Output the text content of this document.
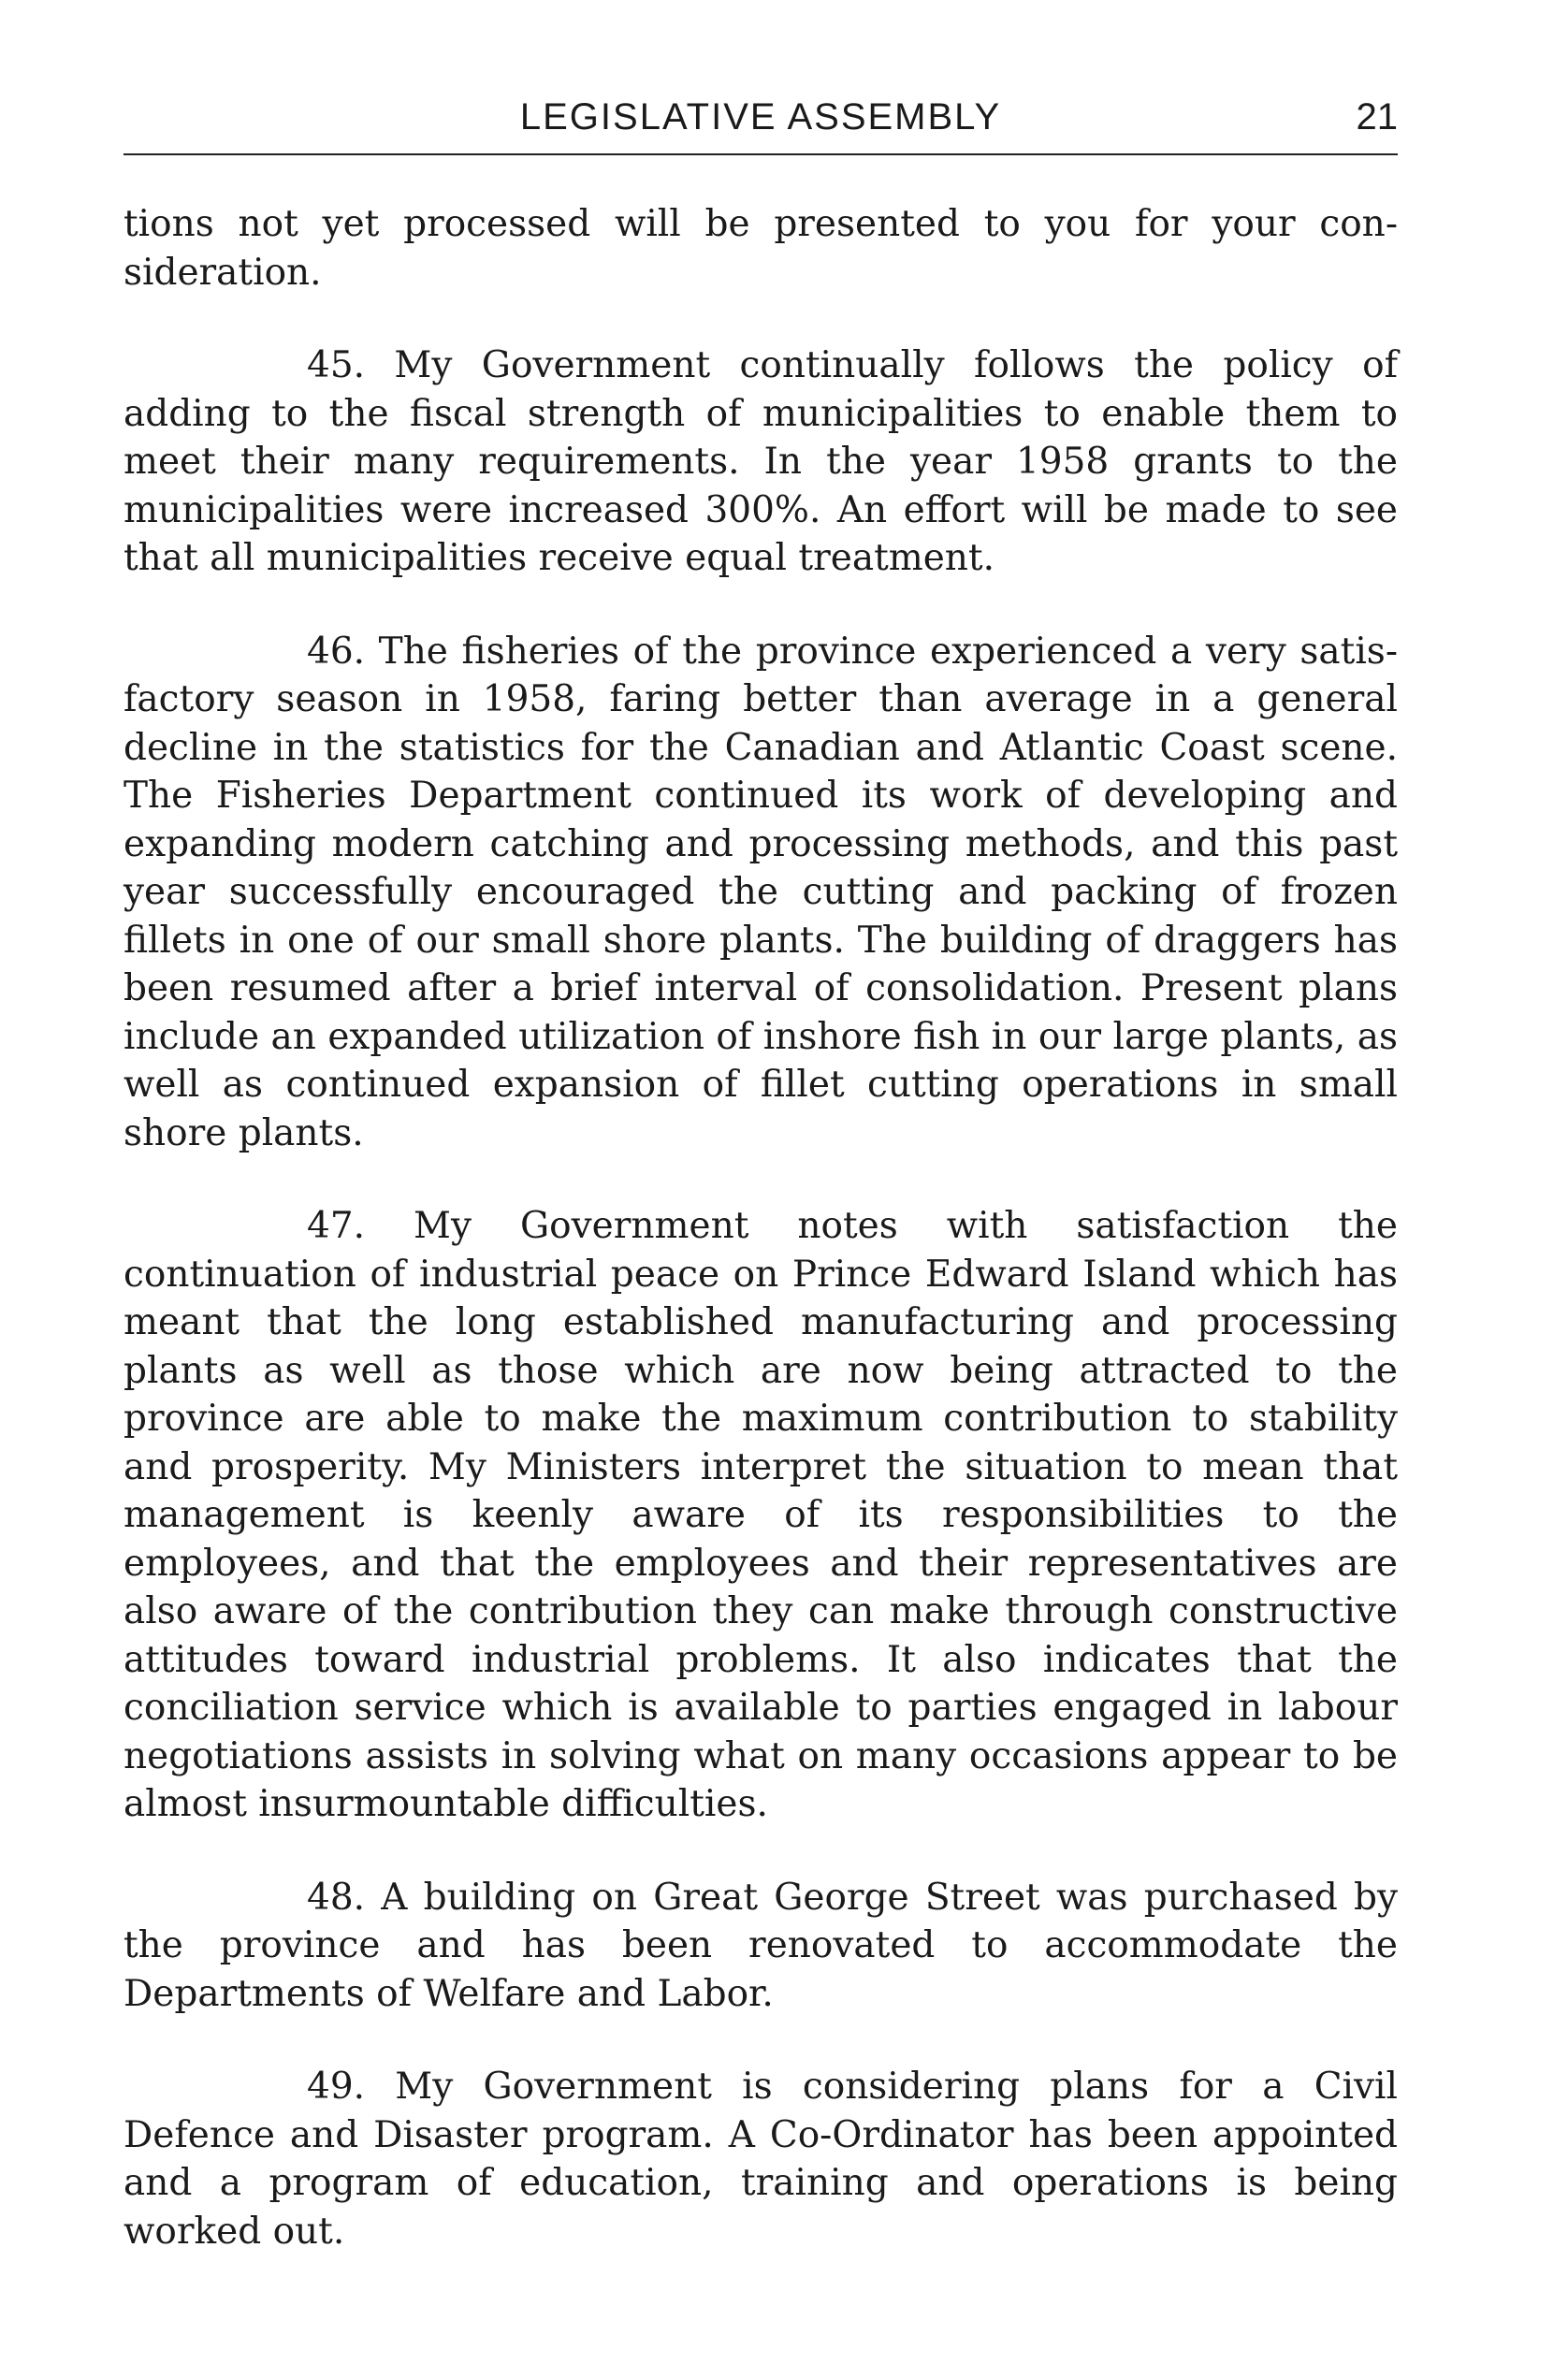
LEGISLATIVE ASSEMBLY	21

tions not yet processed will be presented to you for your consideration.

45. My Government continually follows the policy of adding to the fiscal strength of municipalities to enable them to meet their many requirements. In the year 1958 grants to the municipalities were increased 300%. An effort will be made to see that all municipalities receive equal treatment.

46. The fisheries of the province experienced a very satisfactory season in 1958, faring better than average in a general decline in the statistics for the Canadian and Atlantic Coast scene. The Fisheries Department continued its work of developing and expanding modern catching and processing methods, and this past year successfully encouraged the cutting and packing of frozen fillets in one of our small shore plants. The building of draggers has been resumed after a brief interval of consolidation. Present plans include an expanded utilization of inshore fish in our large plants, as well as continued expansion of fillet cutting operations in small shore plants.

47. My Government notes with satisfaction the continuation of industrial peace on Prince Edward Island which has meant that the long established manufacturing and processing plants as well as those which are now being attracted to the province are able to make the maximum contribution to stability and prosperity. My Ministers interpret the situation to mean that management is keenly aware of its responsibilities to the employees, and that the employees and their representatives are also aware of the contribution they can make through constructive attitudes toward industrial problems. It also indicates that the conciliation service which is available to parties engaged in labour negotiations assists in solving what on many occasions appear to be almost insurmountable difficulties.

48. A building on Great George Street was purchased by the province and has been renovated to accommodate the Departments of Welfare and Labor.

49. My Government is considering plans for a Civil Defence and Disaster program. A Co-Ordinator has been appointed and a program of education, training and operations is being worked out.
